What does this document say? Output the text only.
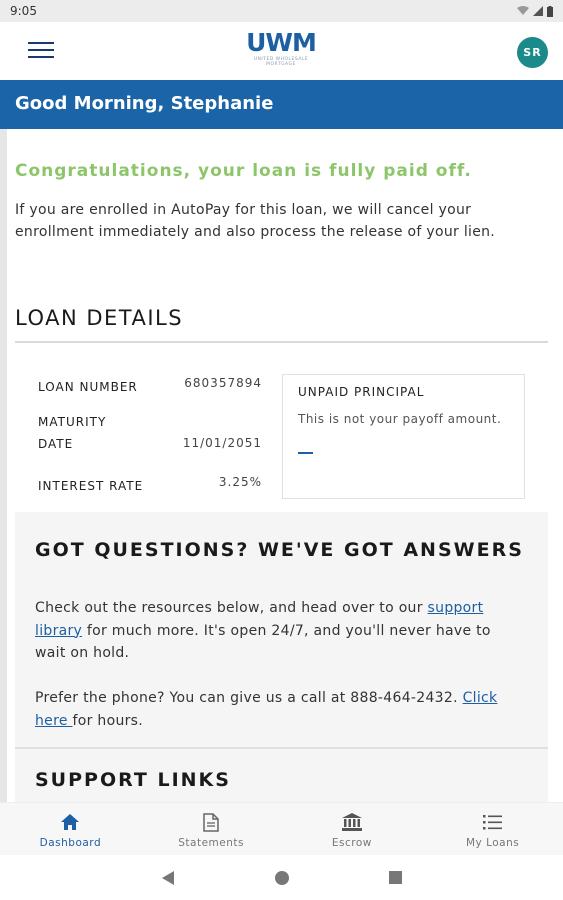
9:05
UWM
UNITED WHOLESALE MORTGAGE
SR
Good Morning, Stephanie
Congratulations, your loan is fully paid off.
If you are enrolled in AutoPay for this loan, we will cancel your enrollment immediately and also process the release of your lien.
LOAN DETAILS
LOAN NUMBER	680357894
MATURITY
DATE	11/01/2051
INTEREST RATE	3.25%
UNPAID PRINCIPAL
This is not your payoff amount.
GOT QUESTIONS? WE'VE GOT ANSWERS
Check out the resources below, and head over to our support library for much more. It's open 24/7, and you'll never have to wait on hold.
Prefer the phone? You can give us a call at 888-464-2432. Click here for hours.
SUPPORT LINKS
Dashboard	Statements	Escrow	My Loans
